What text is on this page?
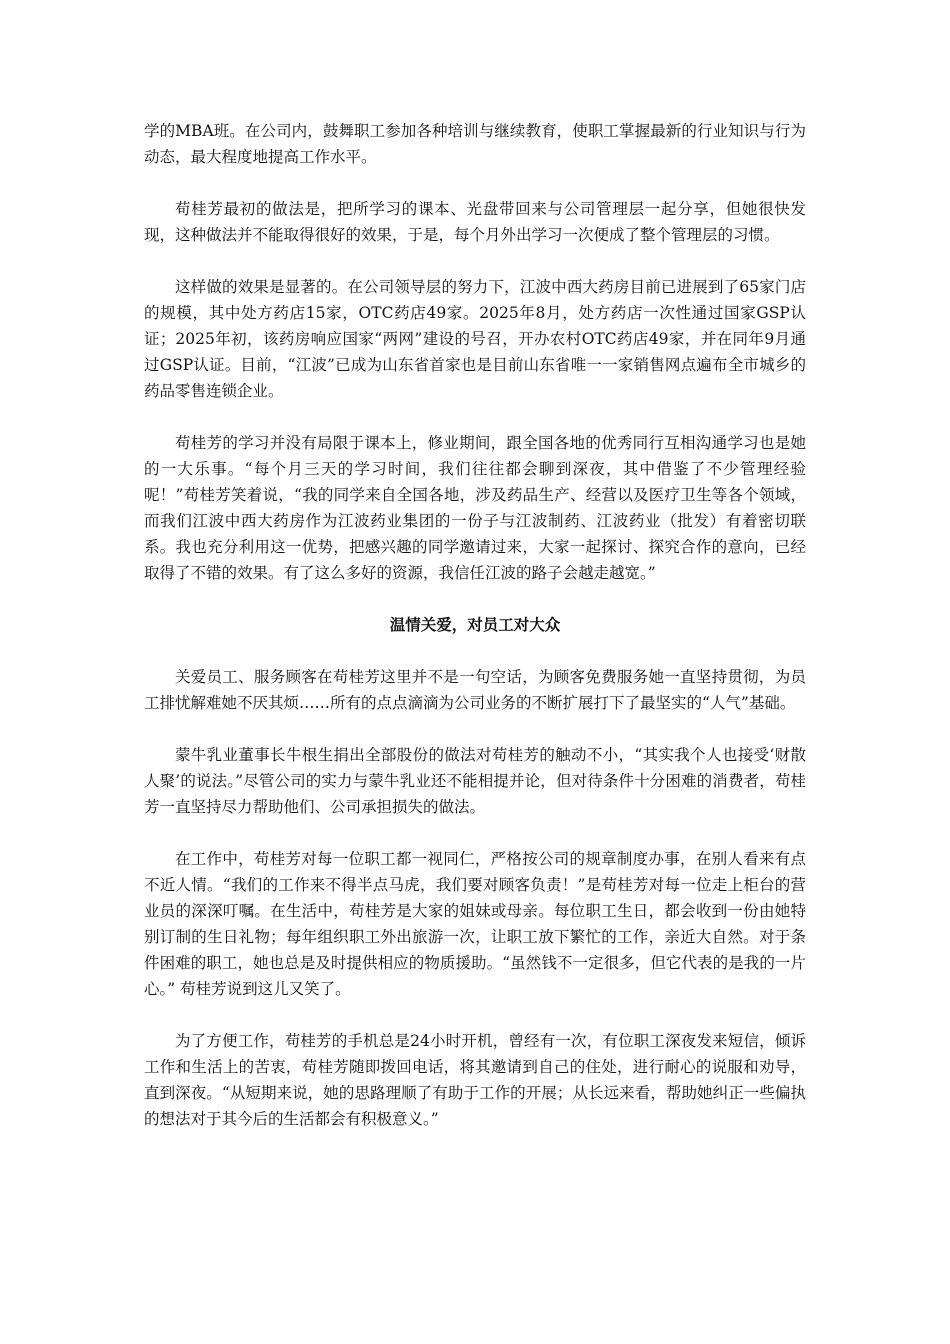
学的MBA班。在公司内，鼓舞职工参加各种培训与继续教育，使职工掌握最新的行业知识与行为动态，最大程度地提高工作水平。

苟桂芳最初的做法是，把所学习的课本、光盘带回来与公司管理层一起分享，但她很快发现，这种做法并不能取得很好的效果，于是，每个月外出学习一次便成了整个管理层的习惯。

这样做的效果是显著的。在公司领导层的努力下，江波中西大药房目前已进展到了65家门店的规模，其中处方药店15家，OTC药店49家。2025年8月，处方药店一次性通过国家GSP认证；2025年初，该药房响应国家“两网”建设的号召，开办农村OTC药店49家，并在同年9月通过GSP认证。目前，“江波”已成为山东省首家也是目前山东省唯一一家销售网点遍布全市城乡的药品零售连锁企业。

苟桂芳的学习并没有局限于课本上，修业期间，跟全国各地的优秀同行互相沟通学习也是她的一大乐事。“每个月三天的学习时间，我们往往都会聊到深夜，其中借鉴了不少管理经验呢！”苟桂芳笑着说，“我的同学来自全国各地，涉及药品生产、经营以及医疗卫生等各个领域，而我们江波中西大药房作为江波药业集团的一份子与江波制药、江波药业（批发）有着密切联系。我也充分利用这一优势，把感兴趣的同学邀请过来，大家一起探讨、探究合作的意向，已经取得了不错的效果。有了这么多好的资源，我信任江波的路子会越走越宽。”

温情关爱，对员工对大众

关爱员工、服务顾客在苟桂芳这里并不是一句空话，为顾客免费服务她一直坚持贯彻，为员工排忧解难她不厌其烦……所有的点点滴滴为公司业务的不断扩展打下了最坚实的“人气”基础。

蒙牛乳业董事长牛根生捐出全部股份的做法对苟桂芳的触动不小，“其实我个人也接受‘财散人聚’的说法。”尽管公司的实力与蒙牛乳业还不能相提并论，但对待条件十分困难的消费者，苟桂芳一直坚持尽力帮助他们、公司承担损失的做法。

在工作中，苟桂芳对每一位职工都一视同仁，严格按公司的规章制度办事，在别人看来有点不近人情。“我们的工作来不得半点马虎，我们要对顾客负责！”是苟桂芳对每一位走上柜台的营业员的深深叮嘱。在生活中，苟桂芳是大家的姐妹或母亲。每位职工生日，都会收到一份由她特别订制的生日礼物；每年组织职工外出旅游一次，让职工放下繁忙的工作，亲近大自然。对于条件困难的职工，她也总是及时提供相应的物质援助。“虽然钱不一定很多，但它代表的是我的一片心。” 苟桂芳说到这儿又笑了。

为了方便工作，苟桂芳的手机总是24小时开机，曾经有一次，有位职工深夜发来短信，倾诉工作和生活上的苦衷，苟桂芳随即拨回电话，将其邀请到自己的住处，进行耐心的说服和劝导，直到深夜。“从短期来说，她的思路理顺了有助于工作的开展；从长远来看，帮助她纠正一些偏执的想法对于其今后的生活都会有积极意义。”
